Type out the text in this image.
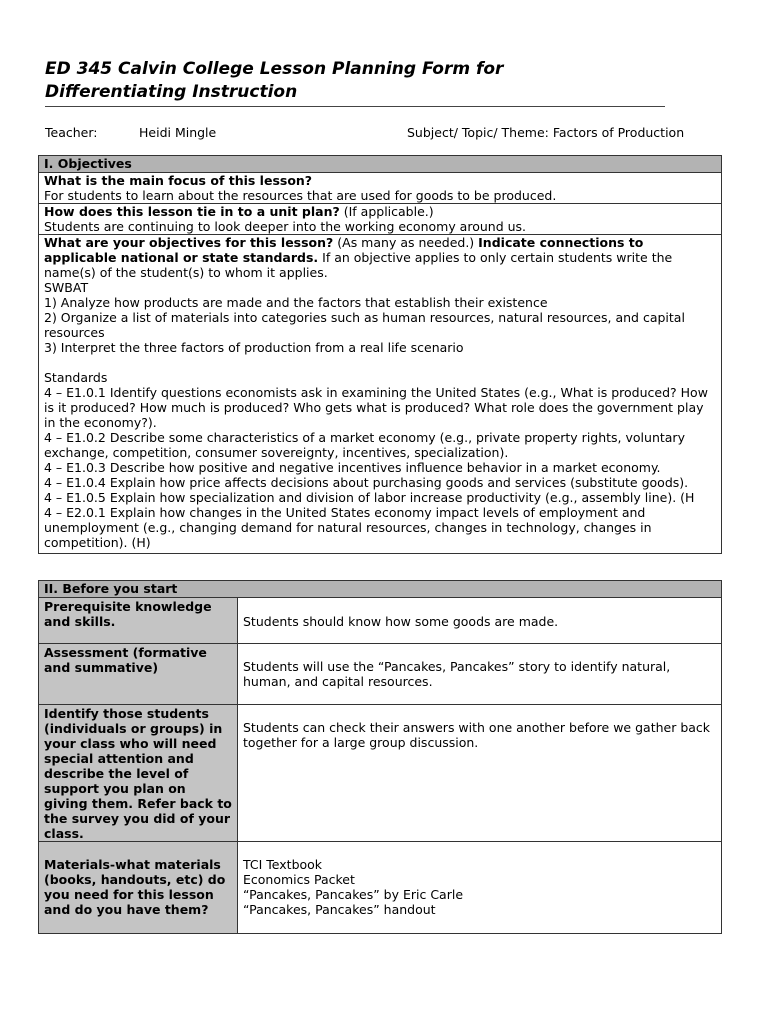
ED 345 Calvin College Lesson Planning Form for
Differentiating Instruction
Teacher:	Heidi Mingle	Subject/ Topic/ Theme: Factors of Production
I. Objectives
What is the main focus of this lesson?
For students to learn about the resources that are used for goods to be produced.
How does this lesson tie in to a unit plan? (If applicable.)
Students are continuing to look deeper into the working economy around us.
What are your objectives for this lesson? (As many as needed.) Indicate connections to applicable national or state standards. If an objective applies to only certain students write the name(s) of the student(s) to whom it applies.
SWBAT
1) Analyze how products are made and the factors that establish their existence
2) Organize a list of materials into categories such as human resources, natural resources, and capital resources
3) Interpret the three factors of production from a real life scenario
Standards
4 – E1.0.1 Identify questions economists ask in examining the United States (e.g., What is produced? How is it produced? How much is produced? Who gets what is produced? What role does the government play in the economy?).
4 – E1.0.2 Describe some characteristics of a market economy (e.g., private property rights, voluntary exchange, competition, consumer sovereignty, incentives, specialization).
4 – E1.0.3 Describe how positive and negative incentives influence behavior in a market economy.
4 – E1.0.4 Explain how price affects decisions about purchasing goods and services (substitute goods).
4 – E1.0.5 Explain how specialization and division of labor increase productivity (e.g., assembly line). (H
4 – E2.0.1 Explain how changes in the United States economy impact levels of employment and unemployment (e.g., changing demand for natural resources, changes in technology, changes in competition). (H)
II. Before you start
Prerequisite knowledge and skills.	Students should know how some goods are made.

Assessment (formative and summative)	Students will use the “Pancakes, Pancakes” story to identify natural, human, and capital resources.

Identify those students (individuals or groups) in your class who will need special attention and describe the level of support you plan on giving them. Refer back to the survey you did of your class.	Students can check their answers with one another before we gather back together for a large group discussion.

Materials-what materials (books, handouts, etc) do you need for this lesson and do you have them?	TCI Textbook
Economics Packet
“Pancakes, Pancakes” by Eric Carle
“Pancakes, Pancakes” handout
